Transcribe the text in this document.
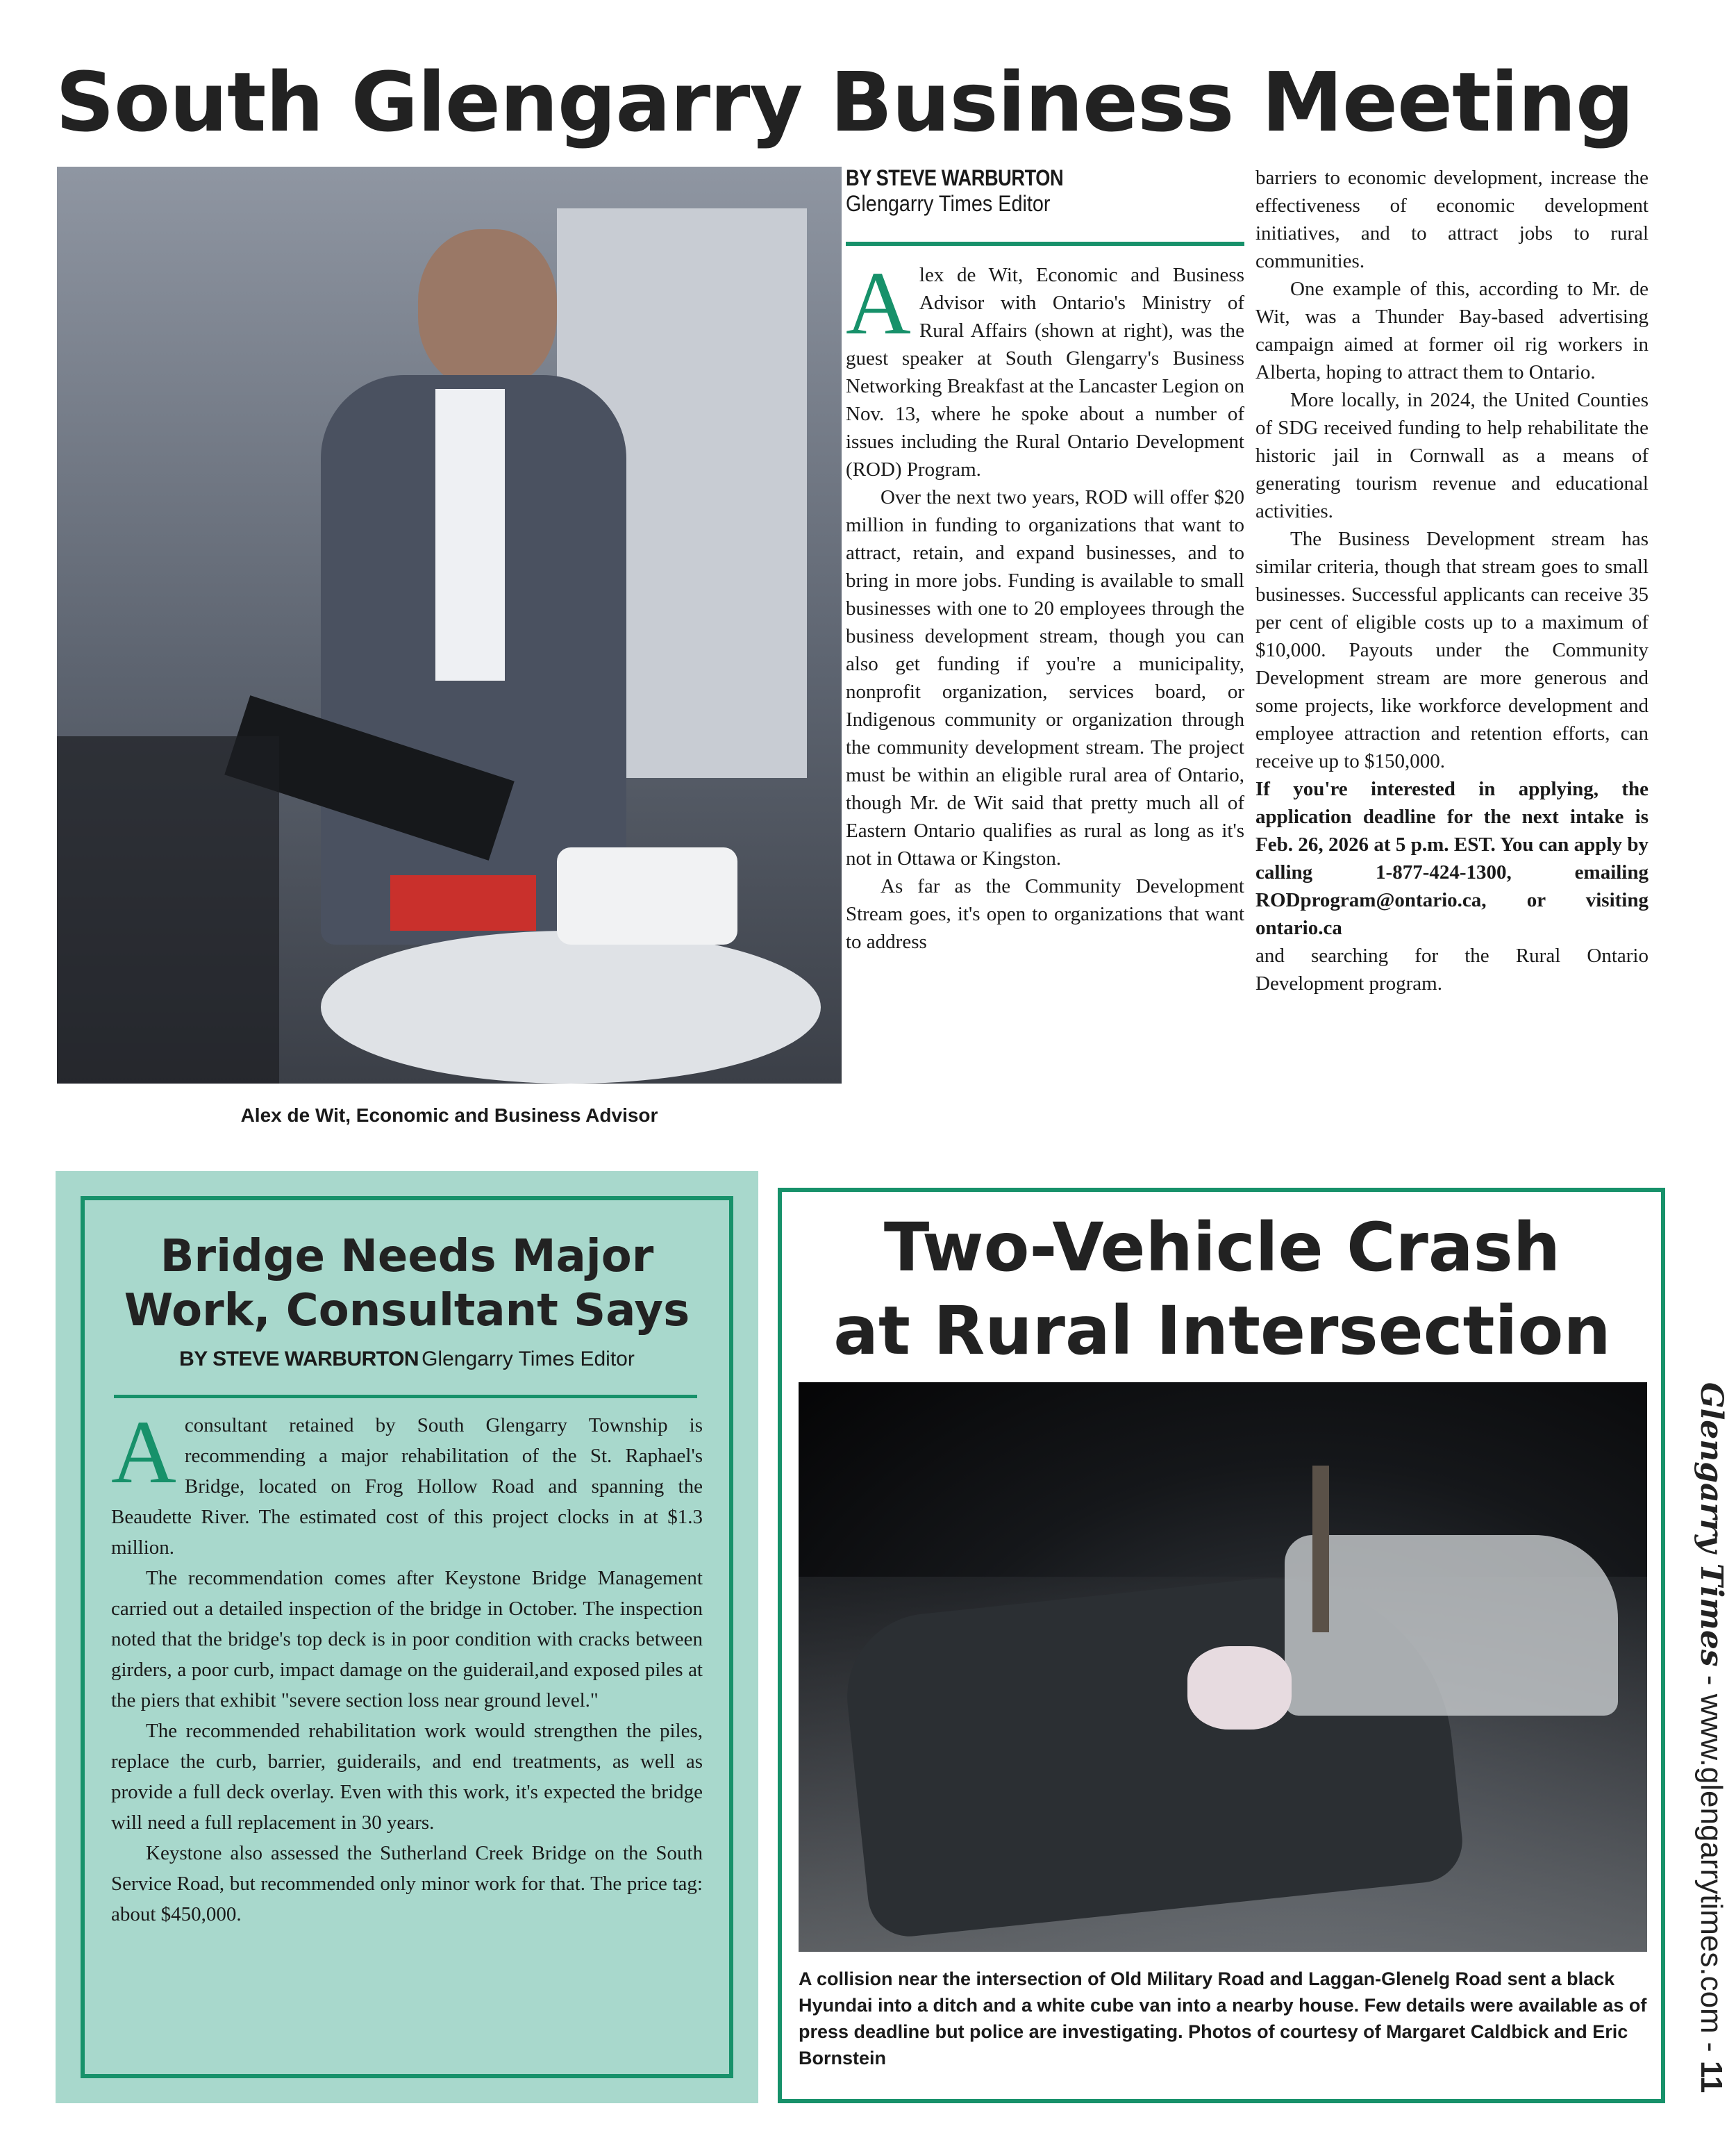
South Glengarry Business Meeting
Alex de Wit, Economic and Business Advisor
BY STEVE WARBURTON
Glengarry Times Editor
A lex de Wit, Economic and Business Advisor with Ontario's Ministry of Rural Affairs (shown at right), was the guest speaker at South Glengarry's Business Networking Breakfast at the Lancaster Legion on Nov. 13, where he spoke about a number of issues including the Rural Ontario Development (ROD) Program.

Over the next two years, ROD will offer $20 million in funding to organizations that want to attract, retain, and expand businesses, and to bring in more jobs. Funding is available to small businesses with one to 20 employees through the business development stream, though you can also get funding if you're a municipality, nonprofit organization, services board, or Indigenous community or organization through the community development stream. The project must be within an eligible rural area of Ontario, though Mr. de Wit said that pretty much all of Eastern Ontario qualifies as rural as long as it's not in Ottawa or Kingston.

As far as the Community Development Stream goes, it's open to organizations that want to address

barriers to economic development, increase the effectiveness of economic development initiatives, and to attract jobs to rural communities.

One example of this, according to Mr. de Wit, was a Thunder Bay-based advertising campaign aimed at former oil rig workers in Alberta, hoping to attract them to Ontario.

More locally, in 2024, the United Counties of SDG received funding to help rehabilitate the historic jail in Cornwall as a means of generating tourism revenue and educational activities.

The Business Development stream has similar criteria, though that stream goes to small businesses. Successful applicants can receive 35 per cent of eligible costs up to a maximum of $10,000. Payouts under the Community Development stream are more generous and some projects, like workforce development and employee attraction and retention efforts, can receive up to $150,000.

If you're interested in applying, the application deadline for the next intake is Feb. 26, 2026 at 5 p.m. EST. You can apply by calling 1-877-424-1300, emailing RODprogram@ontario.ca, or visiting ontario.ca

and searching for the Rural Ontario Development program.

Bridge Needs Major Work, Consultant Says
BY STEVE WARBURTON Glengarry Times Editor
A consultant retained by South Glengarry Township is recommending a major rehabilitation of the St. Raphael's Bridge, located on Frog Hollow Road and spanning the Beaudette River. The estimated cost of this project clocks in at $1.3 million.

The recommendation comes after Keystone Bridge Management carried out a detailed inspection of the bridge in October. The inspection noted that the bridge's top deck is in poor condition with cracks between girders, a poor curb, impact damage on the guiderail,and exposed piles at the piers that exhibit "severe section loss near ground level."

The recommended rehabilitation work would strengthen the piles, replace the curb, barrier, guiderails, and end treatments, as well as provide a full deck overlay. Even with this work, it's expected the bridge will need a full replacement in 30 years.

Keystone also assessed the Sutherland Creek Bridge on the South Service Road, but recommended only minor work for that. The price tag: about $450,000.

Two-Vehicle Crash
at Rural Intersection
A collision near the intersection of Old Military Road and Laggan-Glenelg Road sent a black Hyundai into a ditch and a white cube van into a nearby house. Few details were available as of press deadline but police are investigating. Photos of courtesy of Margaret Caldbick and Eric Bornstein
Glengarry Times - www.glengarrytimes.com - 11
